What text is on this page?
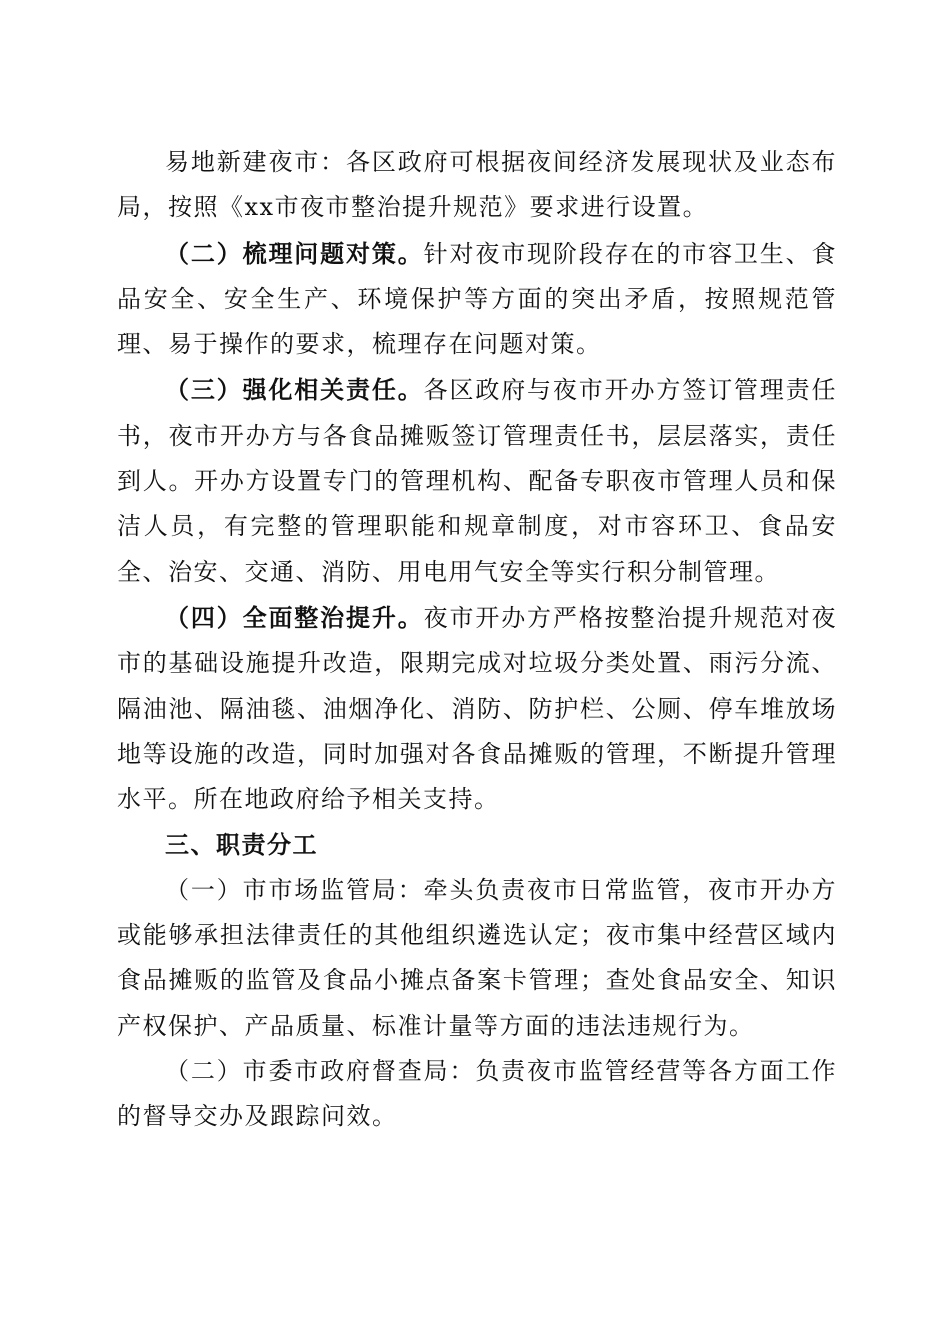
易地新建夜市：各区政府可根据夜间经济发展现状及业态布局，按照《xx市夜市整治提升规范》要求进行设置。

（二）梳理问题对策。针对夜市现阶段存在的市容卫生、食品安全、安全生产、环境保护等方面的突出矛盾，按照规范管理、易于操作的要求，梳理存在问题对策。

（三）强化相关责任。各区政府与夜市开办方签订管理责任书，夜市开办方与各食品摊贩签订管理责任书，层层落实，责任到人。开办方设置专门的管理机构、配备专职夜市管理人员和保洁人员，有完整的管理职能和规章制度，对市容环卫、食品安全、治安、交通、消防、用电用气安全等实行积分制管理。

（四）全面整治提升。夜市开办方严格按整治提升规范对夜市的基础设施提升改造，限期完成对垃圾分类处置、雨污分流、隔油池、隔油毯、油烟净化、消防、防护栏、公厕、停车堆放场地等设施的改造，同时加强对各食品摊贩的管理，不断提升管理水平。所在地政府给予相关支持。

三、职责分工

（一）市市场监管局：牵头负责夜市日常监管，夜市开办方或能够承担法律责任的其他组织遴选认定；夜市集中经营区域内食品摊贩的监管及食品小摊点备案卡管理；查处食品安全、知识产权保护、产品质量、标准计量等方面的违法违规行为。

（二）市委市政府督查局：负责夜市监管经营等各方面工作的督导交办及跟踪问效。
